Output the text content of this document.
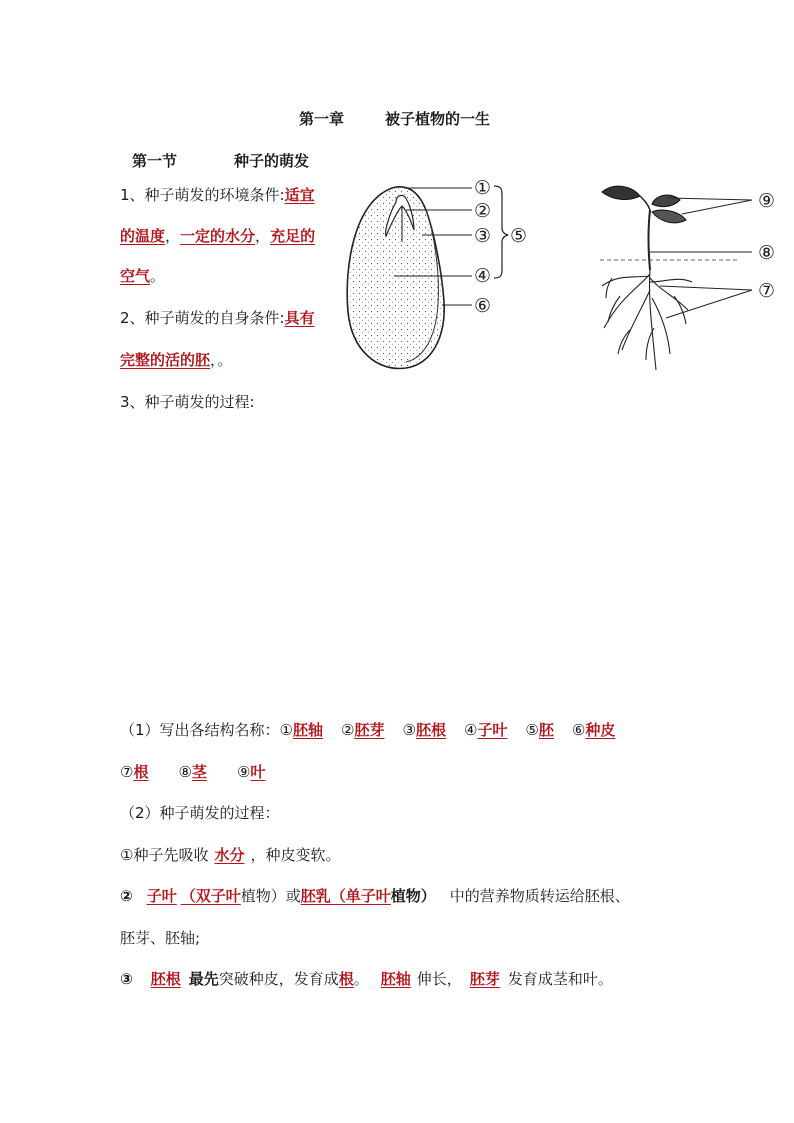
第一章	被子植物的一生
第一节	种子的萌发
1、种子萌发的环境条件:适宜
的温度，一定的水分，充足的
空气。
2、种子萌发的自身条件:具有
完整的活的胚，。
3、种子萌发的过程:
①
②
③
④
⑤
⑥
⑨
⑧
⑦
（1）写出各结构名称：①胚轴 ②胚芽 ③胚根 ④子叶 ⑤胚 ⑥种皮
⑦根 ⑧茎 ⑨叶
（2）种子萌发的过程：
①种子先吸收 水分 ，种皮变软。
② 子叶 （双子叶植物）或胚乳（单子叶植物） 中的营养物质转运给胚根、
胚芽、胚轴;
③ 胚根 最先突破种皮，发育成根。 胚轴 伸长， 胚芽 发育成茎和叶。
